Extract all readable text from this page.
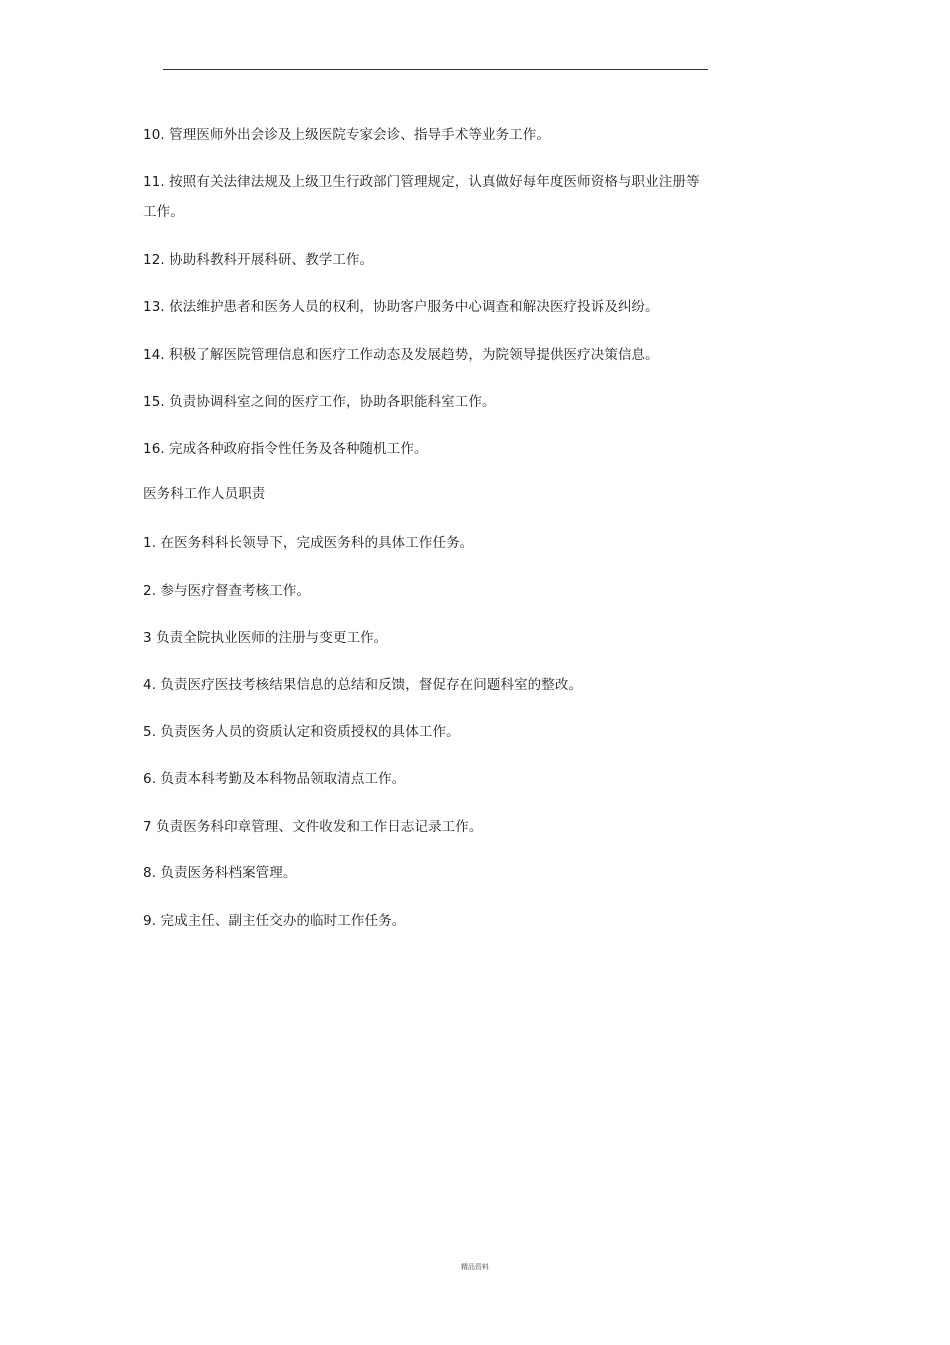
10. 管理医师外出会诊及上级医院专家会诊、指导手术等业务工作。
11. 按照有关法律法规及上级卫生行政部门管理规定，认真做好每年度医师资格与职业注册等工作。
12. 协助科教科开展科研、教学工作。
13. 依法维护患者和医务人员的权利，协助客户服务中心调查和解决医疗投诉及纠纷。
14. 积极了解医院管理信息和医疗工作动态及发展趋势，为院领导提供医疗决策信息。
15. 负责协调科室之间的医疗工作，协助各职能科室工作。
16. 完成各种政府指令性任务及各种随机工作。
医务科工作人员职责
1. 在医务科科长领导下，完成医务科的具体工作任务。
2. 参与医疗督查考核工作。
3 负责全院执业医师的注册与变更工作。
4. 负责医疗医技考核结果信息的总结和反馈，督促存在问题科室的整改。
5. 负责医务人员的资质认定和资质授权的具体工作。
6. 负责本科考勤及本科物品领取清点工作。
7 负责医务科印章管理、文件收发和工作日志记录工作。
8. 负责医务科档案管理。
9. 完成主任、副主任交办的临时工作任务。
精品资料
